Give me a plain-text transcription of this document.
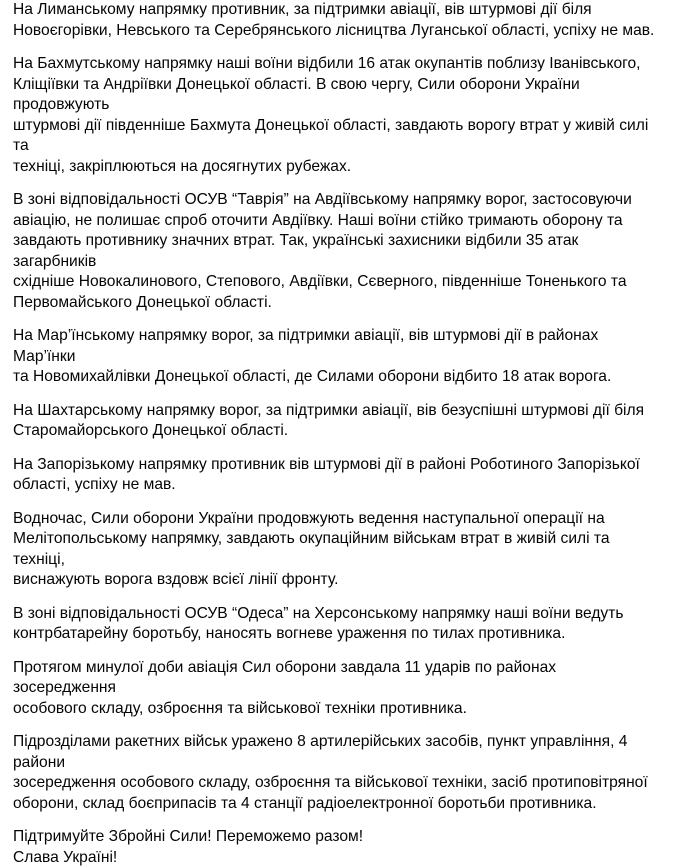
На Лиманському напрямку противник, за підтримки авіації, вів штурмові дії біля
Новоєгорівки, Невського та Серебрянського лісництва Луганської області, успіху не мав.

На Бахмутському напрямку наші воїни відбили 16 атак окупантів поблизу Іванівського,
Кліщіївки та Андріївки Донецької області. В свою чергу, Сили оборони України продовжують
штурмові дії південніше Бахмута Донецької області, завдають ворогу втрат у живій силі та
техніці, закріплюються на досягнутих рубежах.

В зоні відповідальності ОСУВ “Таврія” на Авдіївському напрямку ворог, застосовуючи
авіацію, не полишає спроб оточити Авдіївку. Наші воїни стійко тримають оборону та
завдають противнику значних втрат. Так, українські захисники відбили 35 атак загарбників
східніше Новокалинового, Степового, Авдіївки, Сєверного, південніше Тоненького та
Первомайського Донецької області.

На Мар’їнському напрямку ворог, за підтримки авіації, вів штурмові дії в районах Мар’їнки
та Новомихайлівки Донецької області, де Силами оборони відбито 18 атак ворога.

На Шахтарському напрямку ворог, за підтримки авіації, вів безуспішні штурмові дії біля
Старомайорського Донецької області.

На Запорізькому напрямку противник вів штурмові дії в районі Роботиного Запорізької
області, успіху не мав.

Водночас, Сили оборони України продовжують ведення наступальної операції на
Мелітопольському напрямку, завдають окупаційним військам втрат в живій силі та техніці,
виснажують ворога вздовж всієї лінії фронту.

В зоні відповідальності ОСУВ “Одеса” на Херсонському напрямку наші воїни ведуть
контрбатарейну боротьбу, наносять вогневе ураження по тилах противника.

Протягом минулої доби авіація Сил оборони завдала 11 ударів по районах зосередження
особового складу, озброєння та військової техніки противника.

Підрозділами ракетних військ уражено 8 артилерійських засобів, пункт управління, 4 райони
зосередження особового складу, озброєння та військової техніки, засіб протиповітряної
оборони, склад боєприпасів та 4 станції радіоелектронної боротьби противника.

Підтримуйте Збройні Сили! Переможемо разом!
Слава Україні!
